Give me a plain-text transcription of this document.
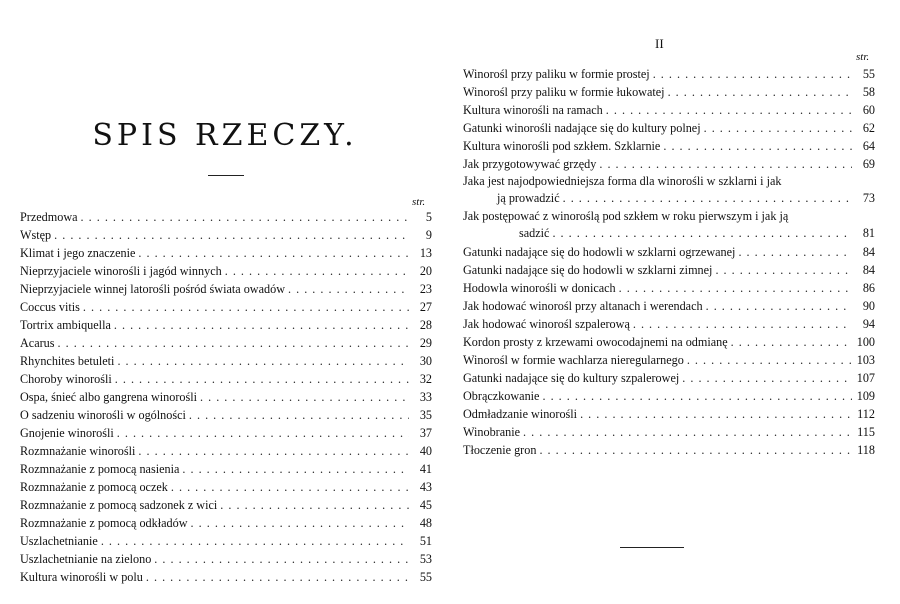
SPIS RZECZY.
str.
Przedmowa . . .	5
Wstęp . . .	9
Klimat i jego znaczenie . . .	13
Nieprzyjaciele winorośli i jagód winnych . . .	20
Nieprzyjaciele winnej latorośli pośród świata owadów . . .	23
Coccus vitis . . .	27
Tortrix ambiquella . . .	28
Acarus . . .	29
Rhynchites betuleti . . .	30
Choroby winorośli . . .	32
Ospa, śnieć albo gangrena winorośli . . .	33
O sadzeniu winorośli w ogólności . . .	35
Gnojenie winorośli . . .	37
Rozmnażanie winorośli . . .	40
Rozmnażanie z pomocą nasienia . . .	41
Rozmnażanie z pomocą oczek . . .	43
Rozmnażanie z pomocą sadzonek z wici . . .	45
Rozmnażanie z pomocą odkładów . . .	48
Uszlachetnianie . . .	51
Uszlachetnianie na zielono . . .	53
Kultura winorośli w polu . . .	55
II
str.
Winorośl przy paliku w formie prostej . . .	55
Winorośl przy paliku w formie łukowatej . . .	58
Kultura winorośli na ramach . . .	60
Gatunki winorośli nadające się do kultury polnej . . .	62
Kultura winorośli pod szkłem. Szklarnie . . .	64
Jak przygotowywać grzędy . . .	69
Jaka jest najodpowiedniejsza forma dla winorośli w szklarni i jak
ją prowadzić . . .	73
Jak postępować z winoroślą pod szkłem w roku pierwszym i jak ją
sadzić . . .	81
Gatunki nadające się do hodowli w szklarni ogrzewanej . . .	84
Gatunki nadające się do hodowli w szklarni zimnej . . .	84
Hodowla winorośli w donicach . . .	86
Jak hodować winorośl przy altanach i werendach . . .	90
Jak hodować winorośl szpalerową . . .	94
Kordon prosty z krzewami owocodajnemi na odmianę . . .	100
Winorośl w formie wachlarza nieregularnego . . .	103
Gatunki nadające się do kultury szpalerowej . . .	107
Obrączkowanie . . .	109
Odmładzanie winorośli . . .	112
Winobranie . . .	115
Tłoczenie gron . . .	118
